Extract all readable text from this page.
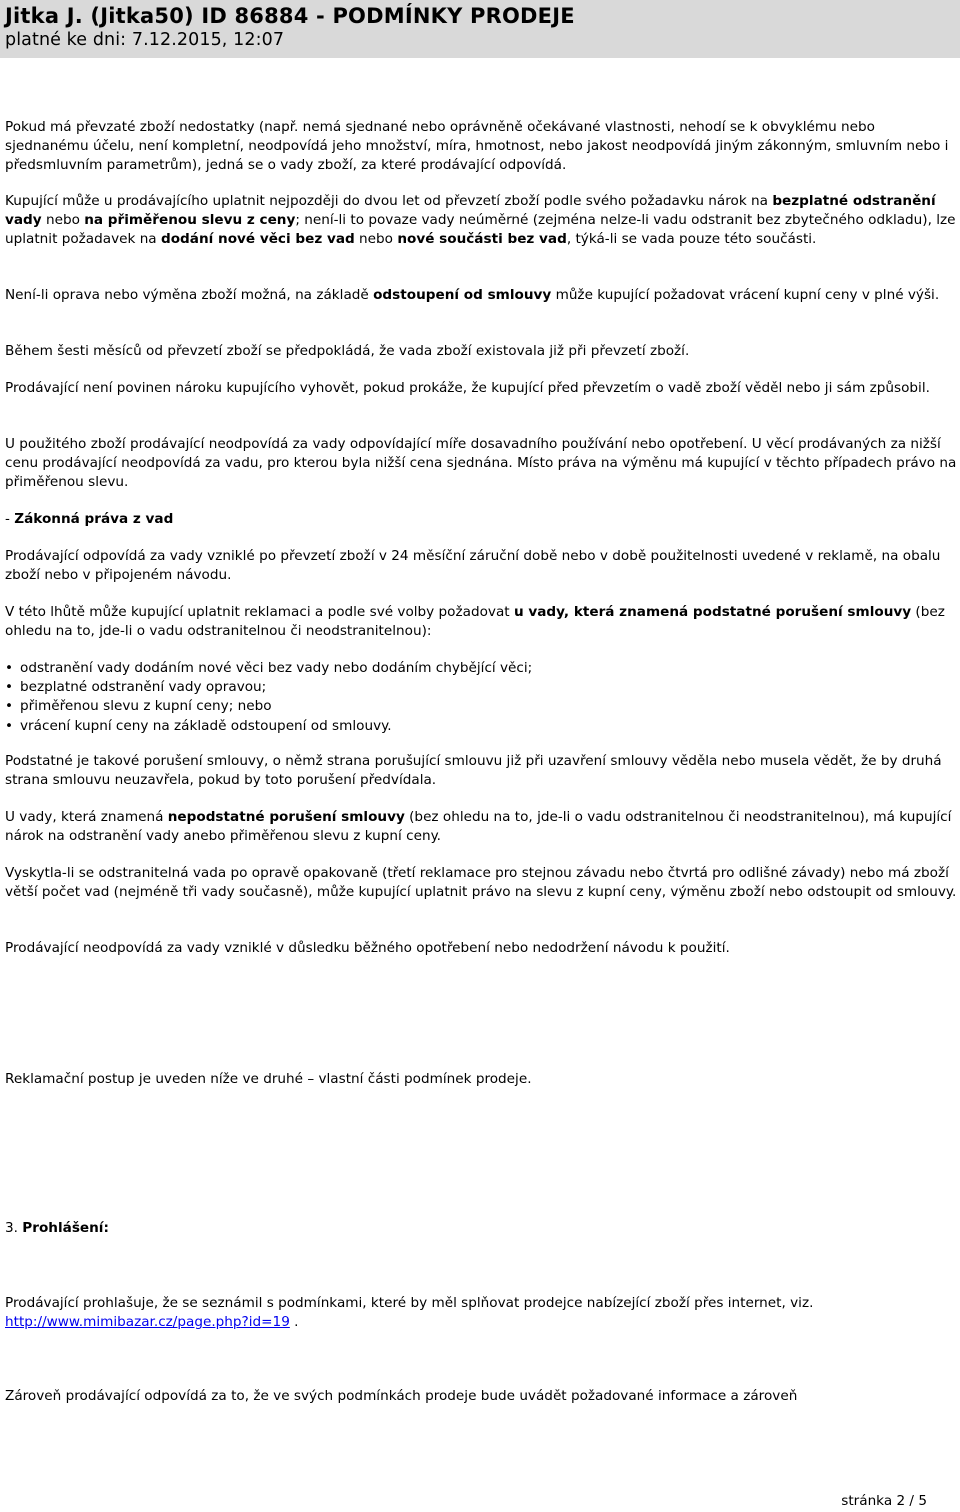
Jitka J. (Jitka50) ID 86884 - PODMÍNKY PRODEJE
platné ke dni: 7.12.2015, 12:07

Pokud má převzaté zboží nedostatky (např. nemá sjednané nebo oprávněně očekávané vlastnosti, nehodí se k obvyklému nebo sjednanému účelu, není kompletní, neodpovídá jeho množství, míra, hmotnost, nebo jakost neodpovídá jiným zákonným, smluvním nebo i předsmluvním parametrům), jedná se o vady zboží, za které prodávající odpovídá.

Kupující může u prodávajícího uplatnit nejpozději do dvou let od převzetí zboží podle svého požadavku nárok na bezplatné odstranění vady nebo na přiměřenou slevu z ceny; není-li to povaze vady neúměrné (zejména nelze-li vadu odstranit bez zbytečného odkladu), lze uplatnit požadavek na dodání nové věci bez vad nebo nové součásti bez vad, týká-li se vada pouze této součásti.

Není-li oprava nebo výměna zboží možná, na základě odstoupení od smlouvy může kupující požadovat vrácení kupní ceny v plné výši.

Během šesti měsíců od převzetí zboží se předpokládá, že vada zboží existovala již při převzetí zboží.

Prodávající není povinen nároku kupujícího vyhovět, pokud prokáže, že kupující před převzetím o vadě zboží věděl nebo ji sám způsobil.

U použitého zboží prodávající neodpovídá za vady odpovídající míře dosavadního používání nebo opotřebení. U věcí prodávaných za nižší cenu prodávající neodpovídá za vadu, pro kterou byla nižší cena sjednána. Místo práva na výměnu má kupující v těchto případech právo na přiměřenou slevu.

- Zákonná práva z vad

Prodávající odpovídá za vady vzniklé po převzetí zboží v 24 měsíční záruční době nebo v době použitelnosti uvedené v reklamě, na obalu zboží nebo v připojeném návodu.

V této lhůtě může kupující uplatnit reklamaci a podle své volby požadovat u vady, která znamená podstatné porušení smlouvy (bez ohledu na to, jde-li o vadu odstranitelnou či neodstranitelnou):

• odstranění vady dodáním nové věci bez vady nebo dodáním chybějící věci;
• bezplatné odstranění vady opravou;
• přiměřenou slevu z kupní ceny; nebo
• vrácení kupní ceny na základě odstoupení od smlouvy.

Podstatné je takové porušení smlouvy, o němž strana porušující smlouvu již při uzavření smlouvy věděla nebo musela vědět, že by druhá strana smlouvu neuzavřela, pokud by toto porušení předvídala.

U vady, která znamená nepodstatné porušení smlouvy (bez ohledu na to, jde-li o vadu odstranitelnou či neodstranitelnou), má kupující nárok na odstranění vady anebo přiměřenou slevu z kupní ceny.

Vyskytla-li se odstranitelná vada po opravě opakovaně (třetí reklamace pro stejnou závadu nebo čtvrtá pro odlišné závady) nebo má zboží větší počet vad (nejméně tři vady současně), může kupující uplatnit právo na slevu z kupní ceny, výměnu zboží nebo odstoupit od smlouvy.

Prodávající neodpovídá za vady vzniklé v důsledku běžného opotřebení nebo nedodržení návodu k použití.

Reklamační postup je uveden níže ve druhé – vlastní části podmínek prodeje.

3. Prohlášení:

Prodávající prohlašuje, že se seznámil s podmínkami, které by měl splňovat prodejce nabízející zboží přes internet, viz. http://www.mimibazar.cz/page.php?id=19 .

Zároveň prodávající odpovídá za to, že ve svých podmínkách prodeje bude uvádět požadované informace a zároveň

stránka 2 / 5
